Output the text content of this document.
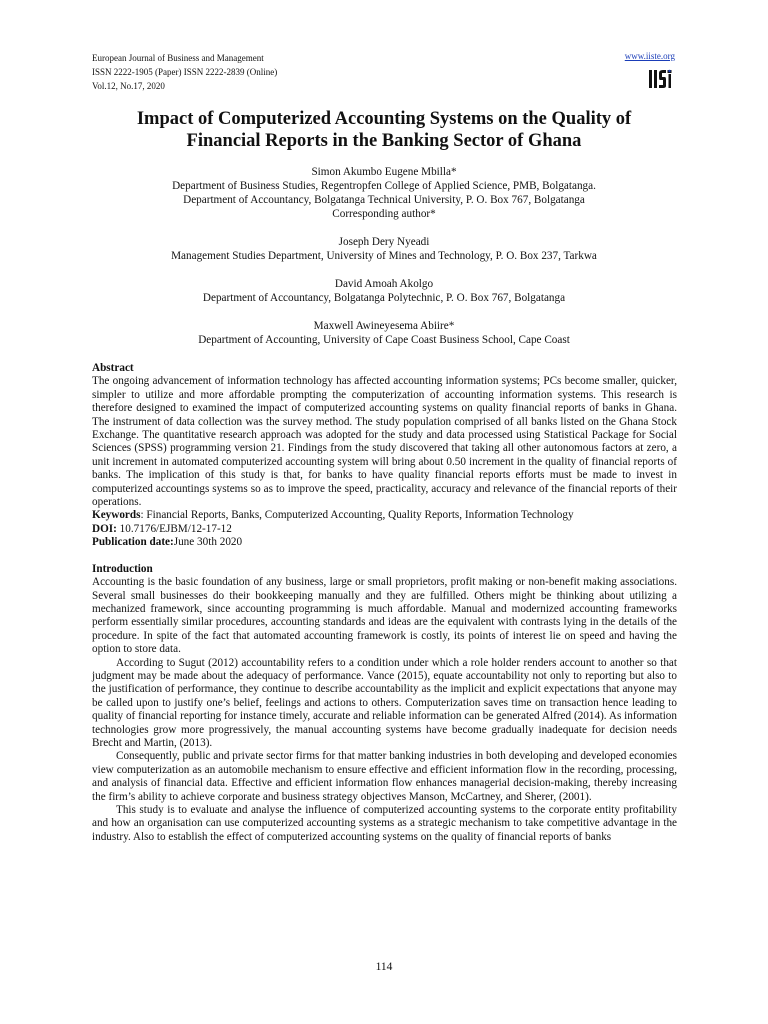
European Journal of Business and Management
ISSN 2222-1905 (Paper) ISSN 2222-2839 (Online)
Vol.12, No.17, 2020
www.iiste.org
Impact of Computerized Accounting Systems on the Quality of
Financial Reports in the Banking Sector of Ghana
Simon Akumbo Eugene Mbilla*
Department of Business Studies, Regentropfen College of Applied Science, PMB, Bolgatanga.
Department of Accountancy, Bolgatanga Technical University, P. O. Box 767, Bolgatanga
Corresponding author*
Joseph Dery Nyeadi
Management Studies Department, University of Mines and Technology, P. O. Box 237, Tarkwa
David Amoah Akolgo
Department of Accountancy, Bolgatanga Polytechnic, P. O. Box 767, Bolgatanga
Maxwell Awineyesema Abiire*
Department of Accounting, University of Cape Coast Business School, Cape Coast

Abstract

The ongoing advancement of information technology has affected accounting information systems; PCs become smaller, quicker, simpler to utilize and more affordable prompting the computerization of accounting information systems. This research is therefore designed to examined the impact of computerized accounting systems on quality financial reports of banks in Ghana. The instrument of data collection was the survey method. The study population comprised of all banks listed on the Ghana Stock Exchange. The quantitative research approach was adopted for the study and data processed using Statistical Package for Social Sciences (SPSS) programming version 21. Findings from the study discovered that taking all other autonomous factors at zero, a unit increment in automated computerized accounting system will bring about 0.50 increment in the quality of financial reports of banks. The implication of this study is that, for banks to have quality financial reports efforts must be made to invest in computerized accountings systems so as to improve the speed, practicality, accuracy and relevance of the financial reports of their operations.

Keywords: Financial Reports, Banks, Computerized Accounting, Quality Reports, Information Technology

DOI: 10.7176/EJBM/12-17-12

Publication date:June 30th 2020

Introduction

Accounting is the basic foundation of any business, large or small proprietors, profit making or non-benefit making associations. Several small businesses do their bookkeeping manually and they are fulfilled. Others might be thinking about utilizing a mechanized framework, since accounting programming is much affordable. Manual and modernized accounting frameworks perform essentially similar procedures, accounting standards and ideas are the equivalent with contrasts lying in the details of the procedure. In spite of the fact that automated accounting framework is costly, its points of interest lie on speed and having the option to store data.

According to Sugut (2012) accountability refers to a condition under which a role holder renders account to another so that judgment may be made about the adequacy of performance. Vance (2015), equate accountability not only to reporting but also to the justification of performance, they continue to describe accountability as the implicit and explicit expectations that anyone may be called upon to justify one’s belief, feelings and actions to others. Computerization saves time on transaction hence leading to quality of financial reporting for instance timely, accurate and reliable information can be generated Alfred (2014). As information technologies grow more progressively, the manual accounting systems have become gradually inadequate for decision needs Brecht and Martin, (2013).

Consequently, public and private sector firms for that matter banking industries in both developing and developed economies view computerization as an automobile mechanism to ensure effective and efficient information flow in the recording, processing, and analysis of financial data. Effective and efficient information flow enhances managerial decision-making, thereby increasing the firm’s ability to achieve corporate and business strategy objectives Manson, McCartney, and Sherer, (2001).

This study is to evaluate and analyse the influence of computerized accounting systems to the corporate entity profitability and how an organisation can use computerized accounting systems as a strategic mechanism to take competitive advantage in the industry. Also to establish the effect of computerized accounting systems on the quality of financial reports of banks

114
